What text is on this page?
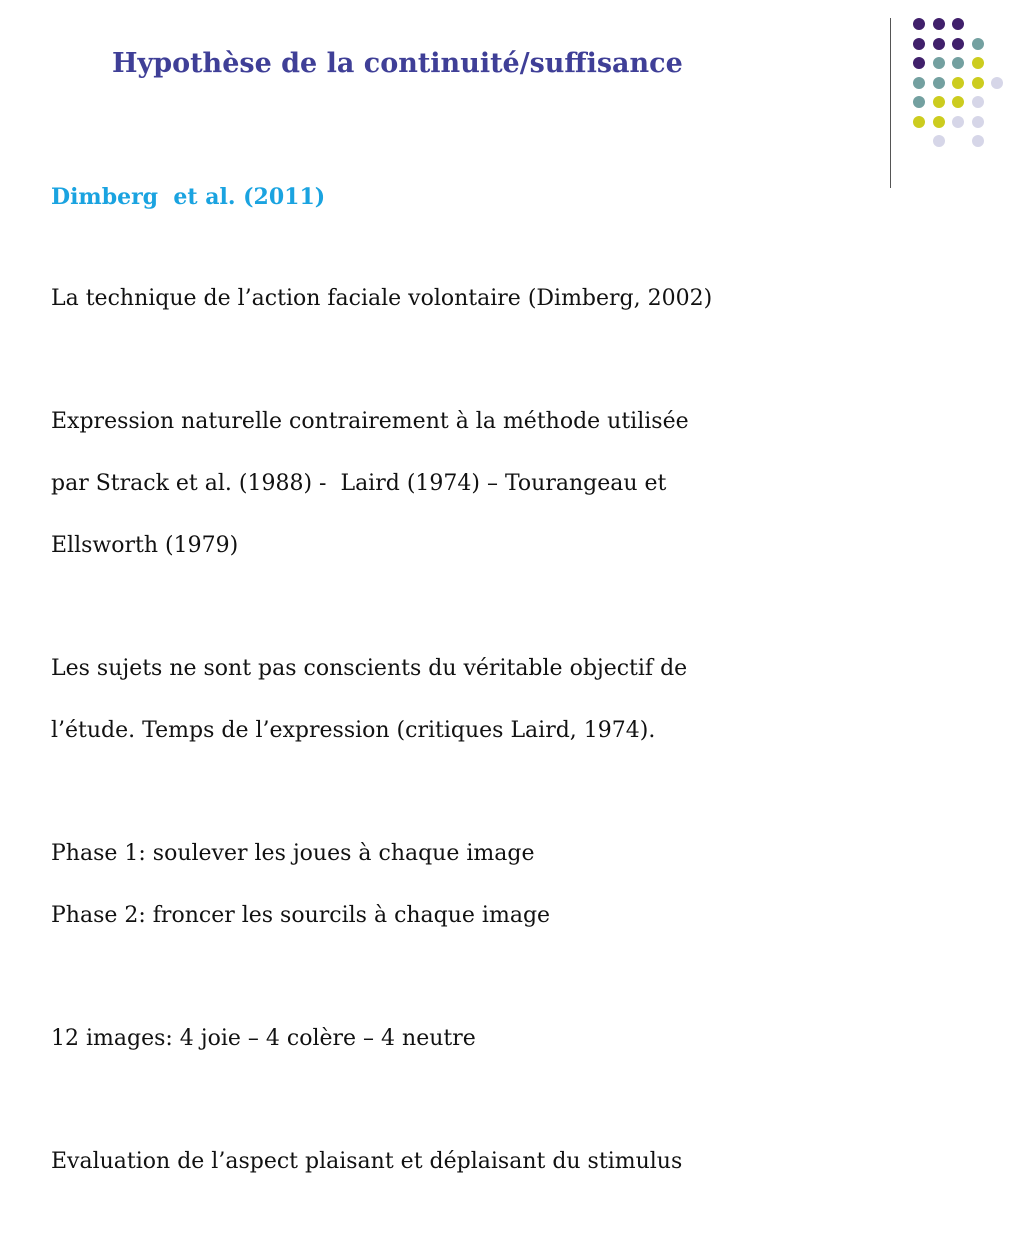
Hypothèse de la continuité/suffisance
Dimberg  et al. (2011)

La technique de l’action faciale volontaire (Dimberg, 2002)

Expression naturelle contrairement à la méthode utilisée

par Strack et al. (1988) -  Laird (1974) – Tourangeau et

Ellsworth (1979)

Les sujets ne sont pas conscients du véritable objectif de

l’étude. Temps de l’expression (critiques Laird, 1974).

Phase 1: soulever les joues à chaque image

Phase 2: froncer les sourcils à chaque image

12 images: 4 joie – 4 colère – 4 neutre

Evaluation de l’aspect plaisant et déplaisant du stimulus
